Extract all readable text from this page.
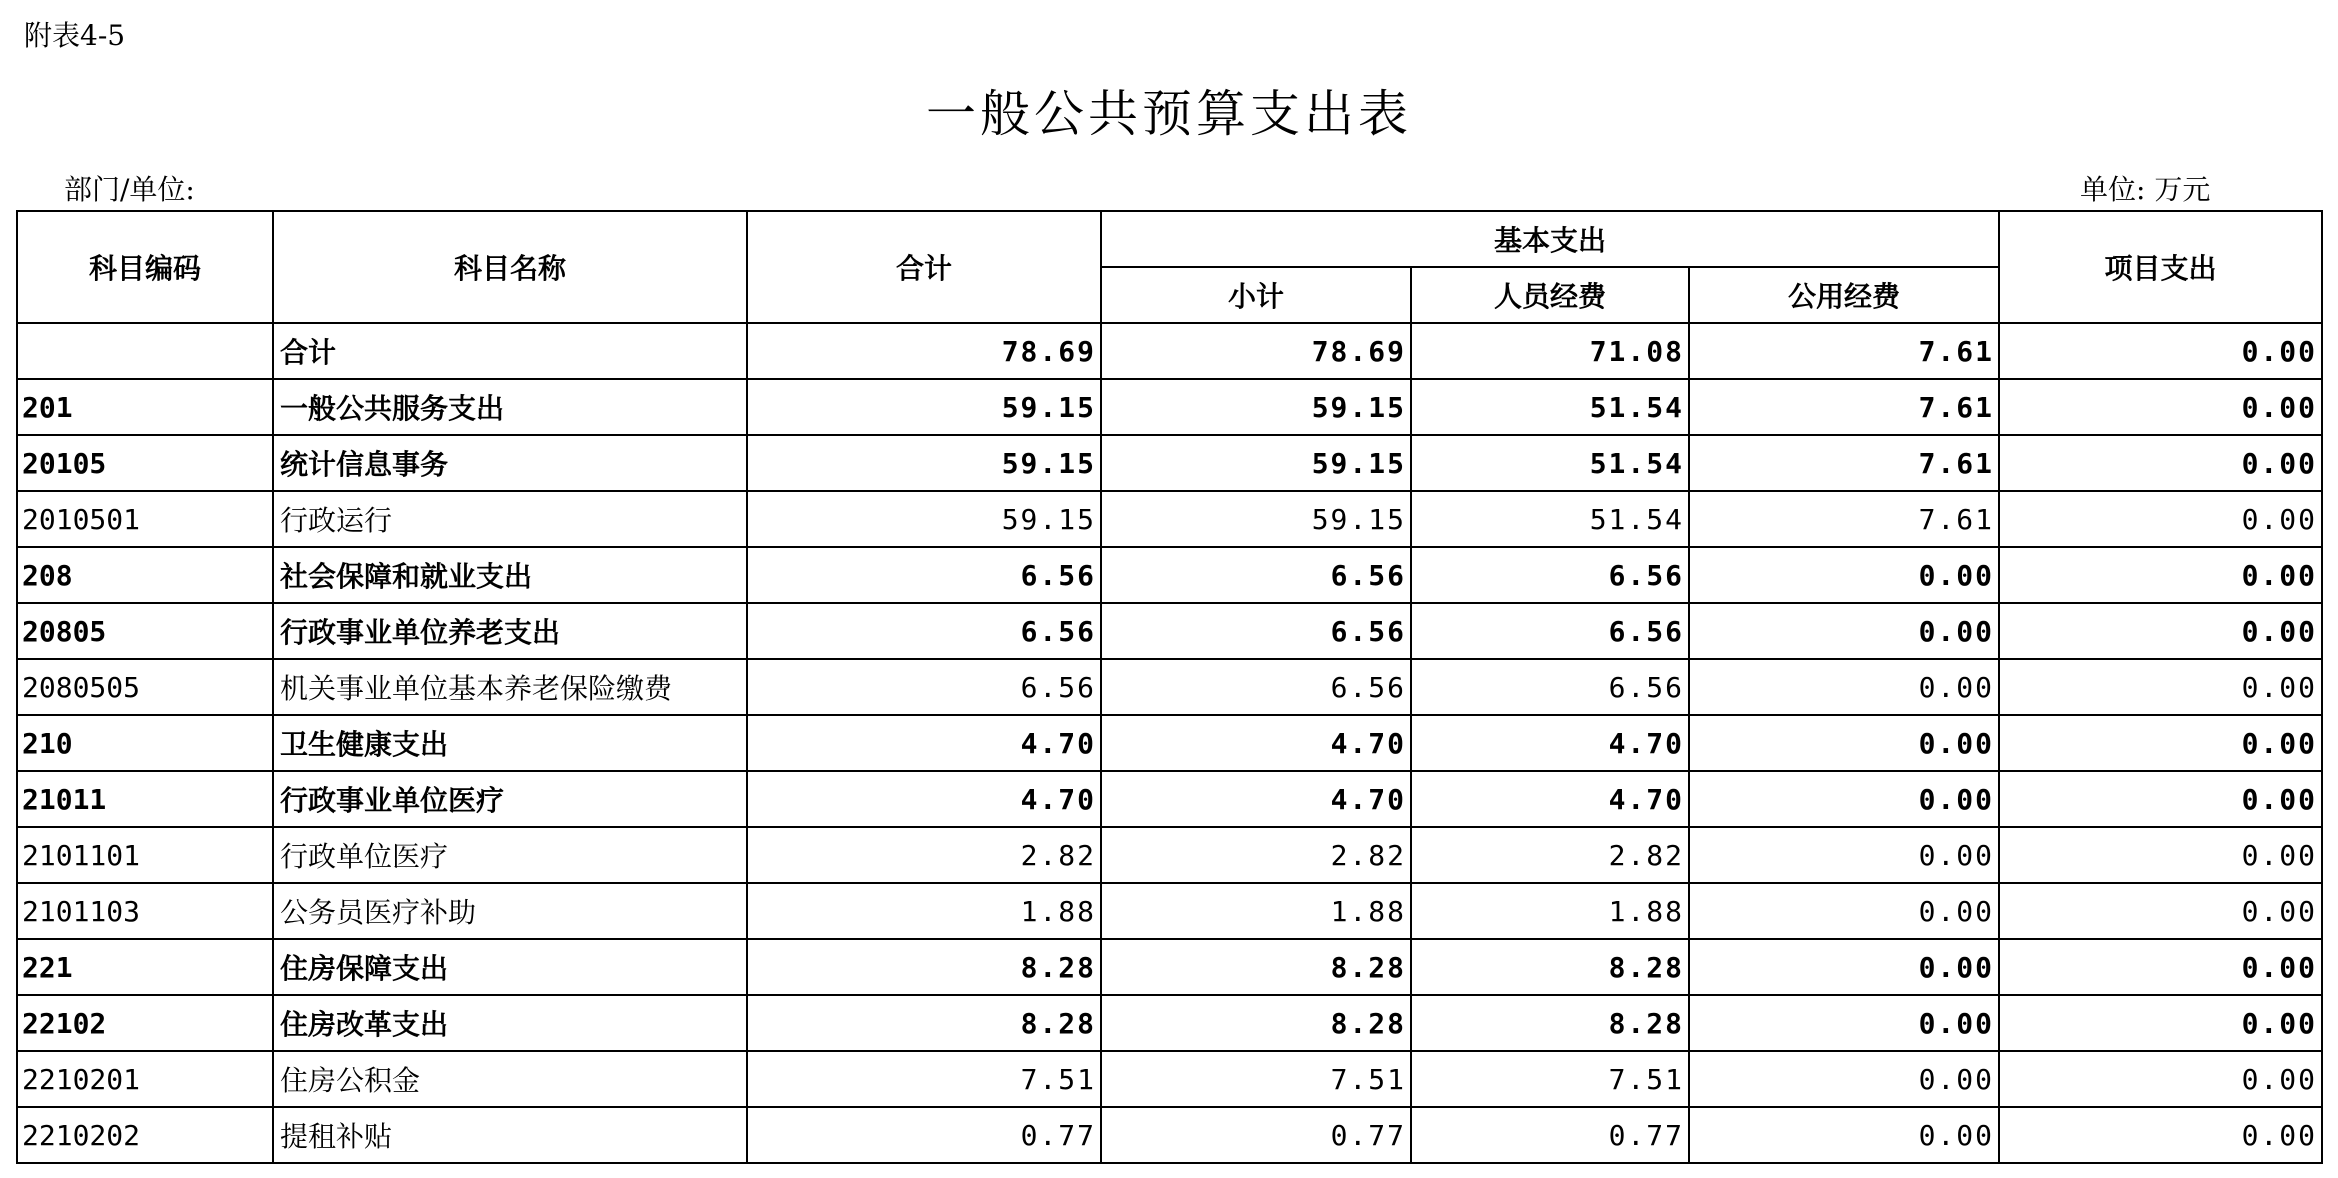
附表4-5
一般公共预算支出表
部门/单位:	单位: 万元
科目编码	科目名称	合计	基本支出			项目支出
			小计	人员经费	公用经费	
	合计	78.69	78.69	71.08	7.61	0.00
201	一般公共服务支出	59.15	59.15	51.54	7.61	0.00
20105	统计信息事务	59.15	59.15	51.54	7.61	0.00
2010501	行政运行	59.15	59.15	51.54	7.61	0.00
208	社会保障和就业支出	6.56	6.56	6.56	0.00	0.00
20805	行政事业单位养老支出	6.56	6.56	6.56	0.00	0.00
2080505	机关事业单位基本养老保险缴费	6.56	6.56	6.56	0.00	0.00
210	卫生健康支出	4.70	4.70	4.70	0.00	0.00
21011	行政事业单位医疗	4.70	4.70	4.70	0.00	0.00
2101101	行政单位医疗	2.82	2.82	2.82	0.00	0.00
2101103	公务员医疗补助	1.88	1.88	1.88	0.00	0.00
221	住房保障支出	8.28	8.28	8.28	0.00	0.00
22102	住房改革支出	8.28	8.28	8.28	0.00	0.00
2210201	住房公积金	7.51	7.51	7.51	0.00	0.00
2210202	提租补贴	0.77	0.77	0.77	0.00	0.00
